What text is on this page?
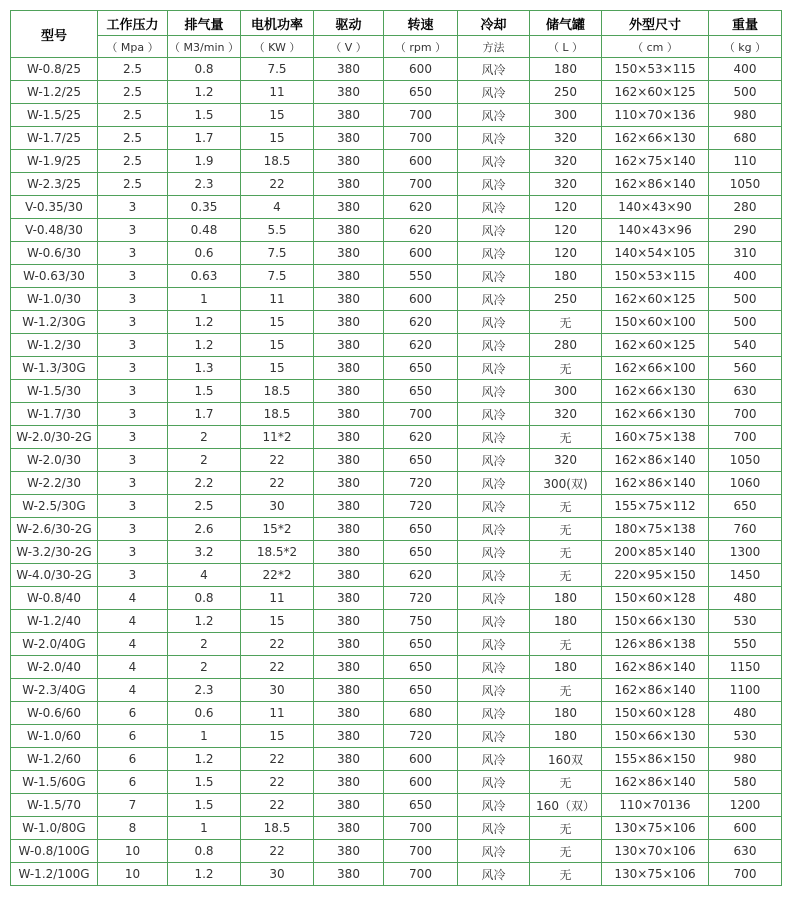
型号	工作压力	排气量	电机功率	驱动	转速	冷却	储气罐	外型尺寸	重量
	（ Mpa ）	（ M3/min ）	（ KW ）	（ V ）	（ rpm ）	方法	（ L ）	（ cm ）	（ kg ）
W-0.8/25	2.5	0.8	7.5	380	600	风冷	180	150×53×115	400
W-1.2/25	2.5	1.2	11	380	650	风冷	250	162×60×125	500
W-1.5/25	2.5	1.5	15	380	700	风冷	300	110×70×136	980
W-1.7/25	2.5	1.7	15	380	700	风冷	320	162×66×130	680
W-1.9/25	2.5	1.9	18.5	380	600	风冷	320	162×75×140	110
W-2.3/25	2.5	2.3	22	380	700	风冷	320	162×86×140	1050
V-0.35/30	3	0.35	4	380	620	风冷	120	140×43×90	280
V-0.48/30	3	0.48	5.5	380	620	风冷	120	140×43×96	290
W-0.6/30	3	0.6	7.5	380	600	风冷	120	140×54×105	310
W-0.63/30	3	0.63	7.5	380	550	风冷	180	150×53×115	400
W-1.0/30	3	1	11	380	600	风冷	250	162×60×125	500
W-1.2/30G	3	1.2	15	380	620	风冷	无	150×60×100	500
W-1.2/30	3	1.2	15	380	620	风冷	280	162×60×125	540
W-1.3/30G	3	1.3	15	380	650	风冷	无	162×66×100	560
W-1.5/30	3	1.5	18.5	380	650	风冷	300	162×66×130	630
W-1.7/30	3	1.7	18.5	380	700	风冷	320	162×66×130	700
W-2.0/30-2G	3	2	11*2	380	620	风冷	无	160×75×138	700
W-2.0/30	3	2	22	380	650	风冷	320	162×86×140	1050
W-2.2/30	3	2.2	22	380	720	风冷	300(双)	162×86×140	1060
W-2.5/30G	3	2.5	30	380	720	风冷	无	155×75×112	650
W-2.6/30-2G	3	2.6	15*2	380	650	风冷	无	180×75×138	760
W-3.2/30-2G	3	3.2	18.5*2	380	650	风冷	无	200×85×140	1300
W-4.0/30-2G	3	4	22*2	380	620	风冷	无	220×95×150	1450
W-0.8/40	4	0.8	11	380	720	风冷	180	150×60×128	480
W-1.2/40	4	1.2	15	380	750	风冷	180	150×66×130	530
W-2.0/40G	4	2	22	380	650	风冷	无	126×86×138	550
W-2.0/40	4	2	22	380	650	风冷	180	162×86×140	1150
W-2.3/40G	4	2.3	30	380	650	风冷	无	162×86×140	1100
W-0.6/60	6	0.6	11	380	680	风冷	180	150×60×128	480
W-1.0/60	6	1	15	380	720	风冷	180	150×66×130	530
W-1.2/60	6	1.2	22	380	600	风冷	160双	155×86×150	980
W-1.5/60G	6	1.5	22	380	600	风冷	无	162×86×140	580
W-1.5/70	7	1.5	22	380	650	风冷	160（双）	110×70136	1200
W-1.0/80G	8	1	18.5	380	700	风冷	无	130×75×106	600
W-0.8/100G	10	0.8	22	380	700	风冷	无	130×70×106	630
W-1.2/100G	10	1.2	30	380	700	风冷	无	130×75×106	700
